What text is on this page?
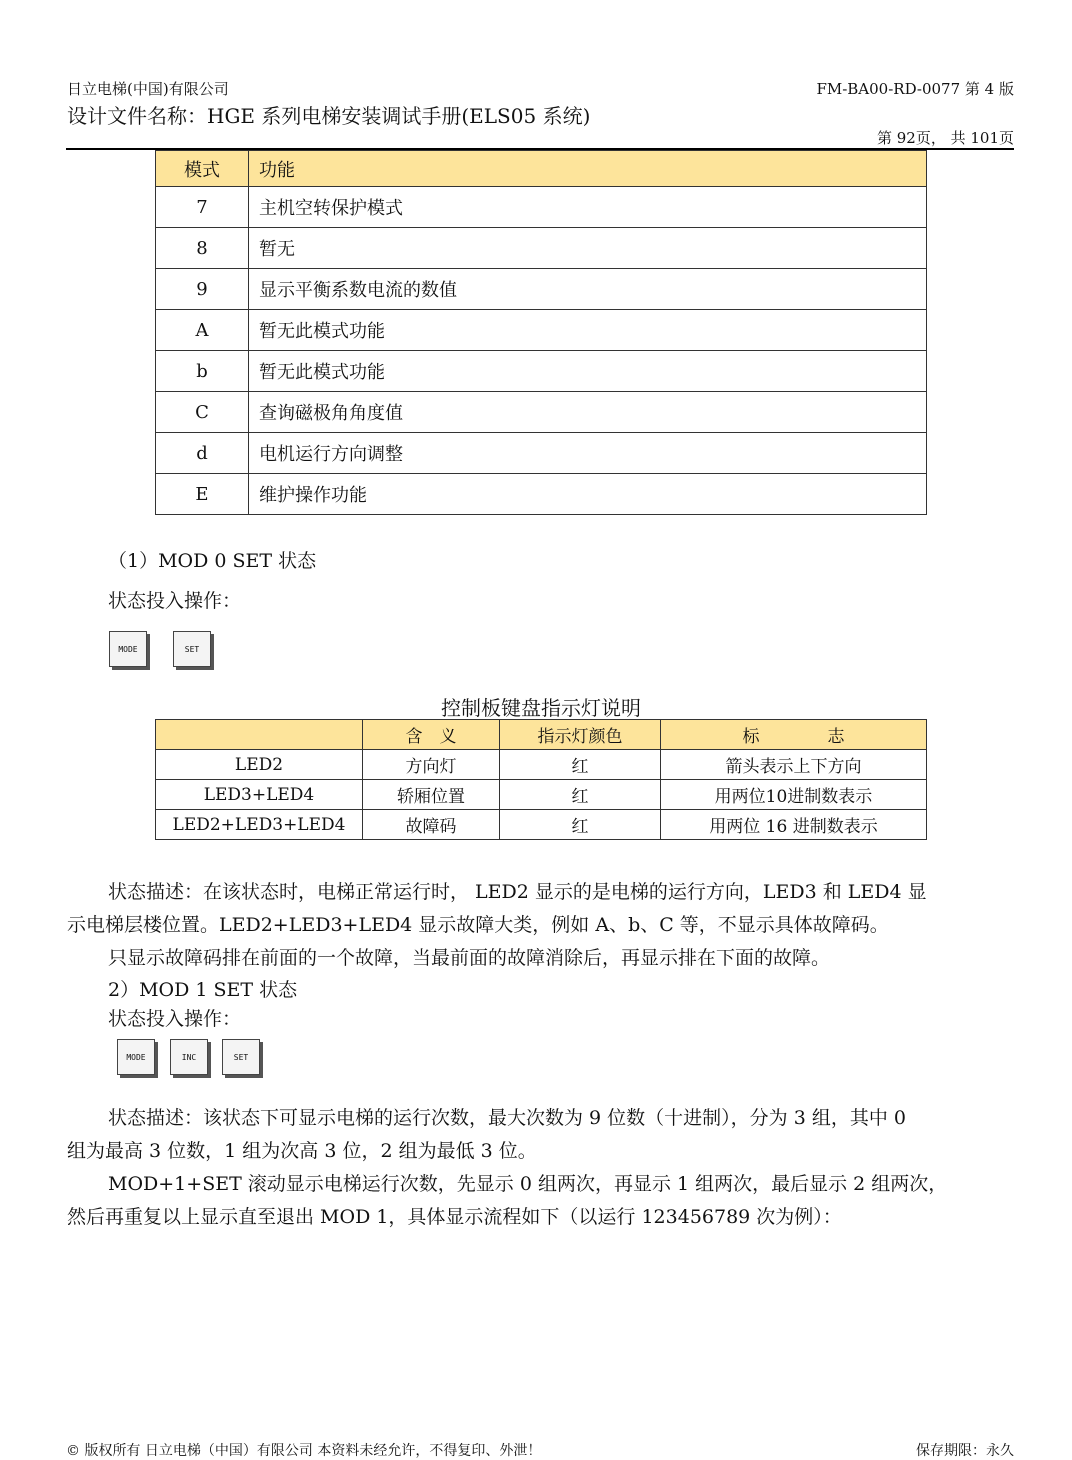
日立电梯(中国)有限公司	FM-BA00-RD-0077 第 4 版
设计文件名称：HGE 系列电梯安装调试手册(ELS05 系统)
第 92页， 共 101页
模式	功能
7	主机空转保护模式
8	暂无
9	显示平衡系数电流的数值
A	暂无此模式功能
b	暂无此模式功能
C	查询磁极角角度值
d	电机运行方向调整
E	维护操作功能
（1）MOD 0 SET 状态
状态投入操作：
MODE	SET
控制板键盘指示灯说明
	含　义	指示灯颜色	标　　　　志
LED2	方向灯	红	箭头表示上下方向
LED3+LED4	轿厢位置	红	用两位10进制数表示
LED2+LED3+LED4	故障码	红	用两位 16 进制数表示
状态描述：在该状态时，电梯正常运行时， LED2 显示的是电梯的运行方向，LED3 和 LED4 显
示电梯层楼位置。LED2+LED3+LED4 显示故障大类，例如 A、b、C 等，不显示具体故障码。
只显示故障码排在前面的一个故障，当最前面的故障消除后，再显示排在下面的故障。
2）MOD 1 SET 状态
状态投入操作：
MODE	INC	SET
状态描述：该状态下可显示电梯的运行次数，最大次数为 9 位数（十进制），分为 3 组，其中 0
组为最高 3 位数，1 组为次高 3 位，2 组为最低 3 位。
MOD+1+SET 滚动显示电梯运行次数，先显示 0 组两次，再显示 1 组两次，最后显示 2 组两次，
然后再重复以上显示直至退出 MOD 1，具体显示流程如下（以运行 123456789 次为例）：
© 版权所有 日立电梯（中国）有限公司 本资料未经允许，不得复印、外泄！	保存期限：永久
